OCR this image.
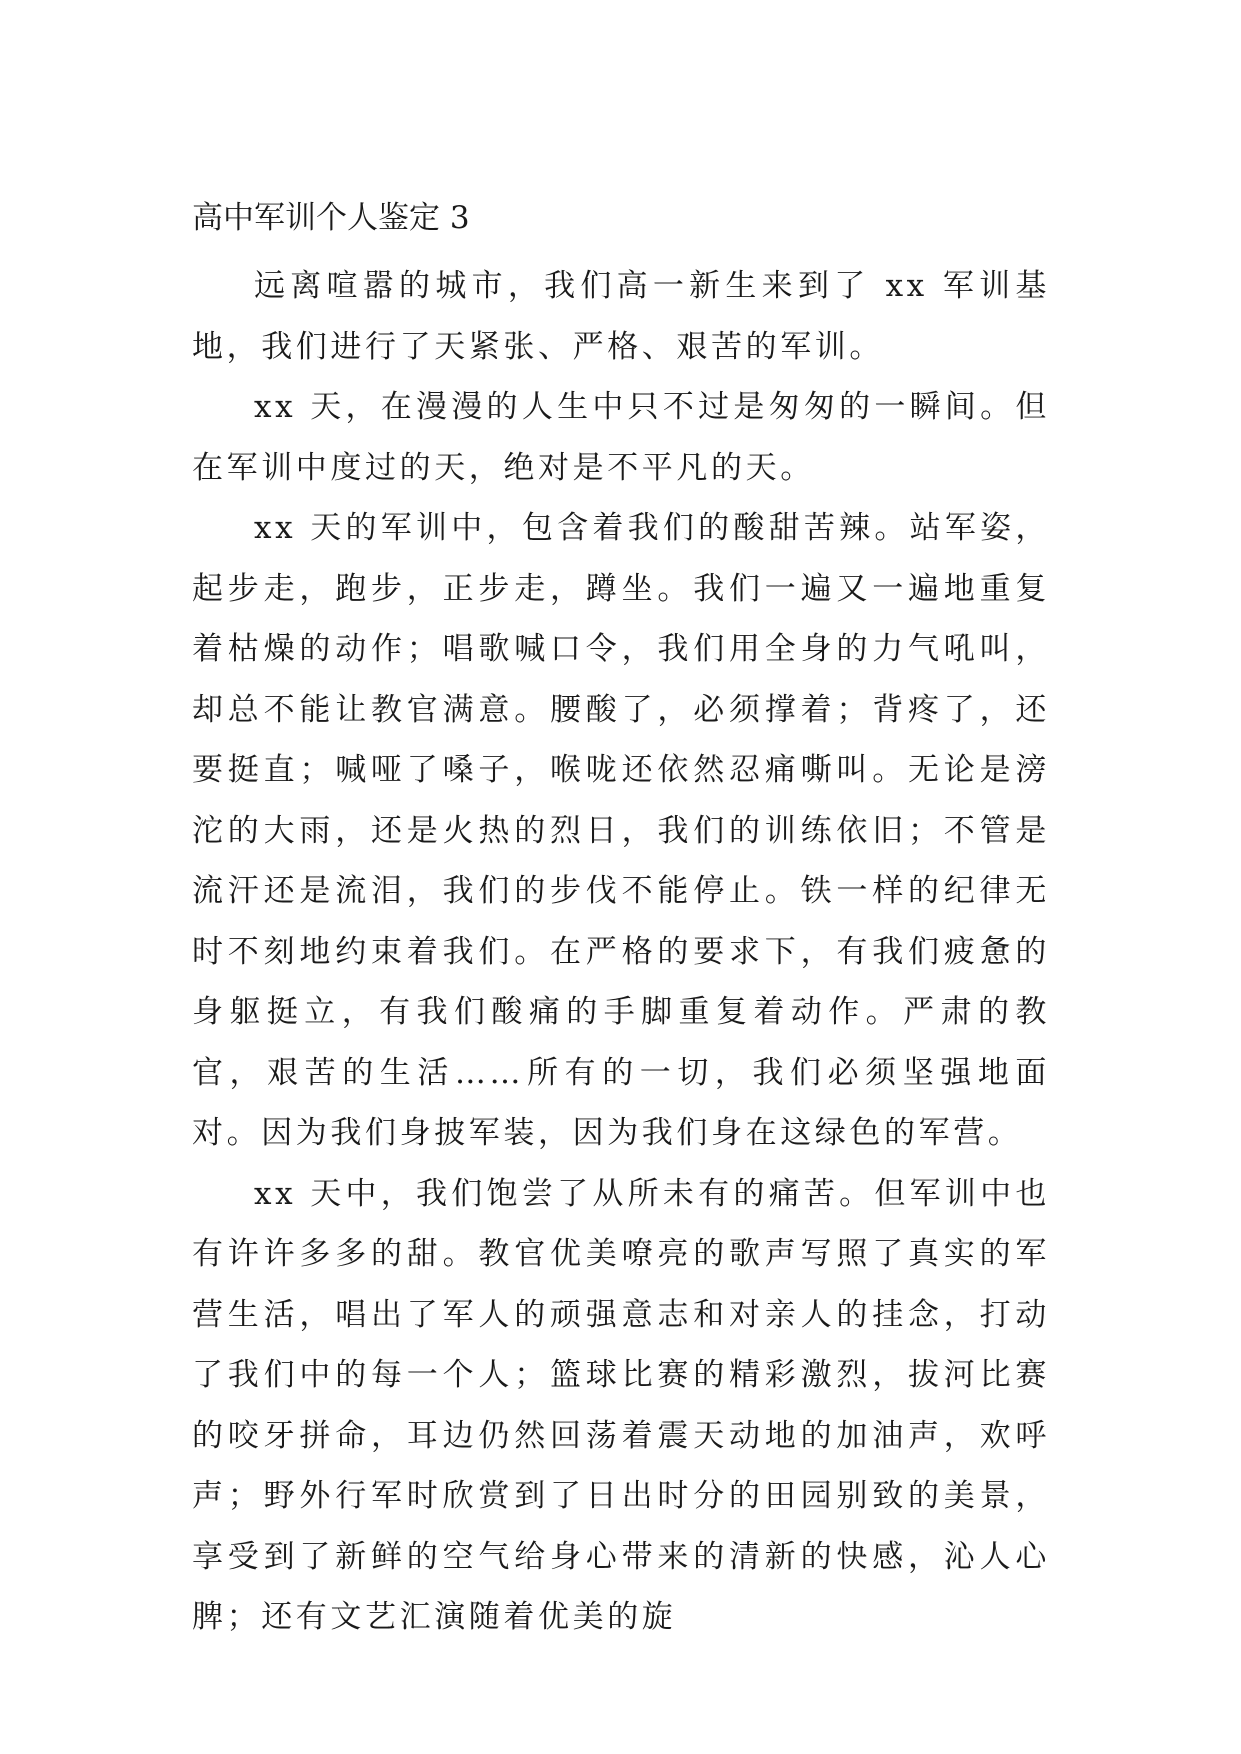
高中军训个人鉴定 3

远离喧嚣的城市，我们高一新生来到了 xx 军训基地，我们进行了天紧张、严格、艰苦的军训。

xx 天，在漫漫的人生中只不过是匆匆的一瞬间。但在军训中度过的天，绝对是不平凡的天。

xx 天的军训中，包含着我们的酸甜苦辣。站军姿，起步走，跑步，正步走，蹲坐。我们一遍又一遍地重复着枯燥的动作；唱歌喊口令，我们用全身的力气吼叫，却总不能让教官满意。腰酸了，必须撑着；背疼了，还要挺直；喊哑了嗓子，喉咙还依然忍痛嘶叫。无论是滂沱的大雨，还是火热的烈日，我们的训练依旧；不管是流汗还是流泪，我们的步伐不能停止。铁一样的纪律无时不刻地约束着我们。在严格的要求下，有我们疲惫的身躯挺立，有我们酸痛的手脚重复着动作。严肃的教官，艰苦的生活……所有的一切，我们必须坚强地面对。因为我们身披军装，因为我们身在这绿色的军营。

xx 天中，我们饱尝了从所未有的痛苦。但军训中也有许许多多的甜。教官优美嘹亮的歌声写照了真实的军营生活，唱出了军人的顽强意志和对亲人的挂念，打动了我们中的每一个人；篮球比赛的精彩激烈，拔河比赛的咬牙拼命，耳边仍然回荡着震天动地的加油声，欢呼声；野外行军时欣赏到了日出时分的田园别致的美景，享受到了新鲜的空气给身心带来的清新的快感，沁人心脾；还有文艺汇演随着优美的旋
